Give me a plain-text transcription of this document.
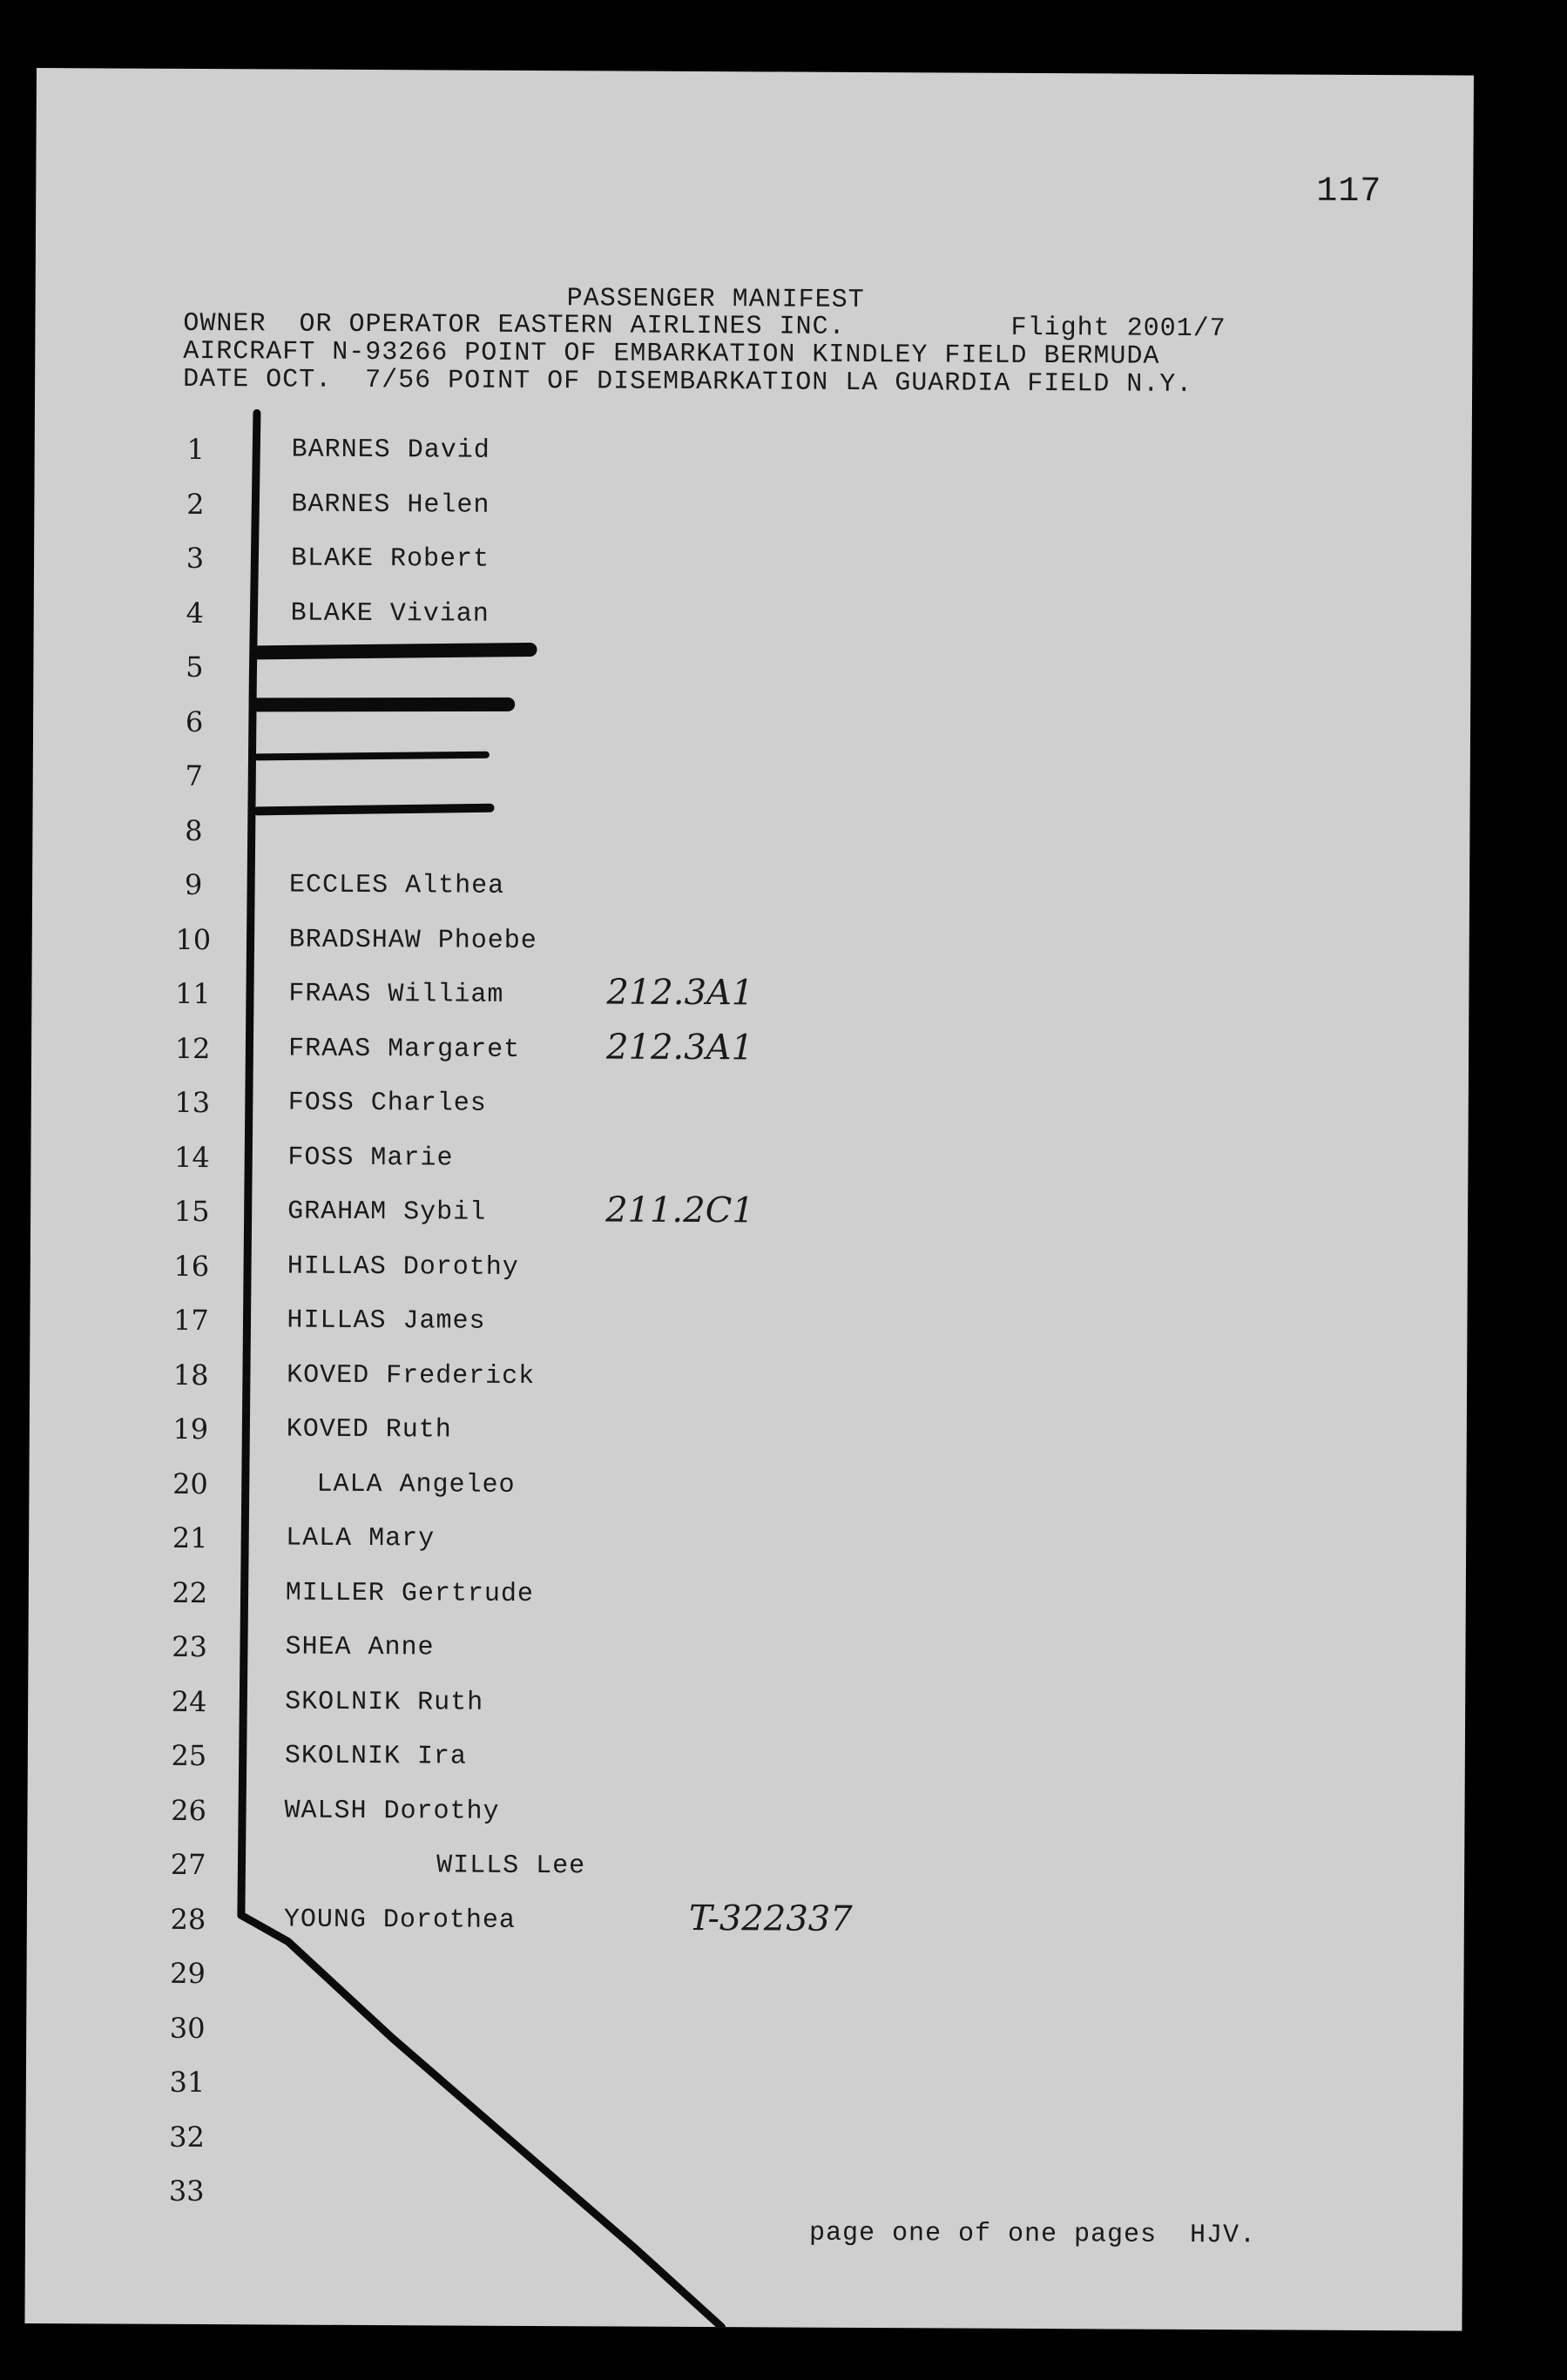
117
PASSENGER MANIFEST
OWNER  OR OPERATOR EASTERN AIRLINES INC.          Flight 2001/7
AIRCRAFT N-93266 POINT OF EMBARKATION KINDLEY FIELD BERMUDA
DATE OCT.  7/56 POINT OF DISEMBARKATION LA GUARDIA FIELD N.Y.
1	BARNES David
2	BARNES Helen
3	BLAKE Robert
4	BLAKE Vivian
5
6
7
8
9	ECCLES Althea
10	BRADSHAW Phoebe
11	FRAAS William	212.3A1
12	FRAAS Margaret 212.3A1
13	FOSS Charles
14	FOSS Marie
15	GRAHAM Sybil	211.2C1
16	HILLAS Dorothy
17	HILLAS James
18	KOVED Frederick
19	KOVED Ruth
20	LALA Angeleo
21	LALA Mary
22	MILLER Gertrude
23	SHEA Anne
24	SKOLNIK Ruth
25	SKOLNIK Ira
26	WALSH Dorothy
27	WILLS Lee
28	YOUNG Dorothea	T-322337
29
30
31
32
33
page one of one pages  HJV.
